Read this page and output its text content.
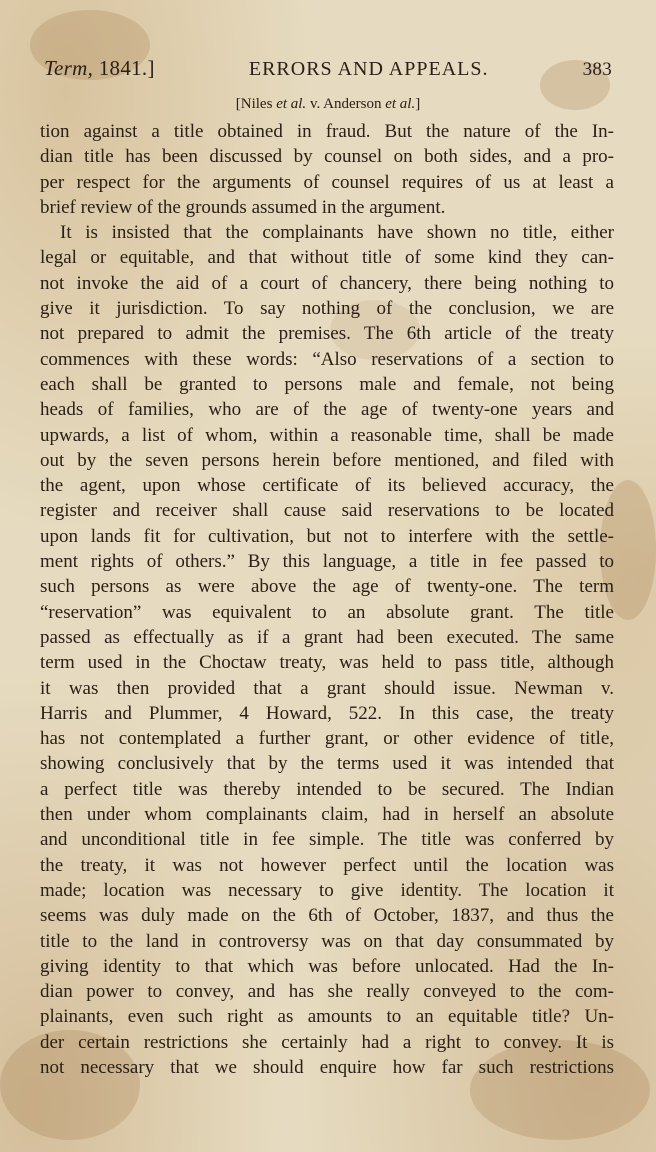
Term, 1841.]	ERRORS AND APPEALS.	383
[Niles et al. v. Anderson et al.]
tion against a title obtained in fraud. But the nature of the In-
dian title has been discussed by counsel on both sides, and a pro-
per respect for the arguments of counsel requires of us at least a
brief review of the grounds assumed in the argument.
It is insisted that the complainants have shown no title, either
legal or equitable, and that without title of some kind they can-
not invoke the aid of a court of chancery, there being nothing to
give it jurisdiction. To say nothing of the conclusion, we are
not prepared to admit the premises. The 6th article of the treaty
commences with these words: “Also reservations of a section to
each shall be granted to persons male and female, not being
heads of families, who are of the age of twenty-one years and
upwards, a list of whom, within a reasonable time, shall be made
out by the seven persons herein before mentioned, and filed with
the agent, upon whose certificate of its believed accuracy, the
register and receiver shall cause said reservations to be located
upon lands fit for cultivation, but not to interfere with the settle-
ment rights of others.” By this language, a title in fee passed to
such persons as were above the age of twenty-one. The term
“reservation” was equivalent to an absolute grant. The title
passed as effectually as if a grant had been executed. The same
term used in the Choctaw treaty, was held to pass title, although
it was then provided that a grant should issue. Newman v.
Harris and Plummer, 4 Howard, 522. In this case, the treaty
has not contemplated a further grant, or other evidence of title,
showing conclusively that by the terms used it was intended that
a perfect title was thereby intended to be secured. The Indian
then under whom complainants claim, had in herself an absolute
and unconditional title in fee simple. The title was conferred by
the treaty, it was not however perfect until the location was
made; location was necessary to give identity. The location it
seems was duly made on the 6th of October, 1837, and thus the
title to the land in controversy was on that day consummated by
giving identity to that which was before unlocated. Had the In-
dian power to convey, and has she really conveyed to the com-
plainants, even such right as amounts to an equitable title? Un-
der certain restrictions she certainly had a right to convey. It is
not necessary that we should enquire how far such restrictions
